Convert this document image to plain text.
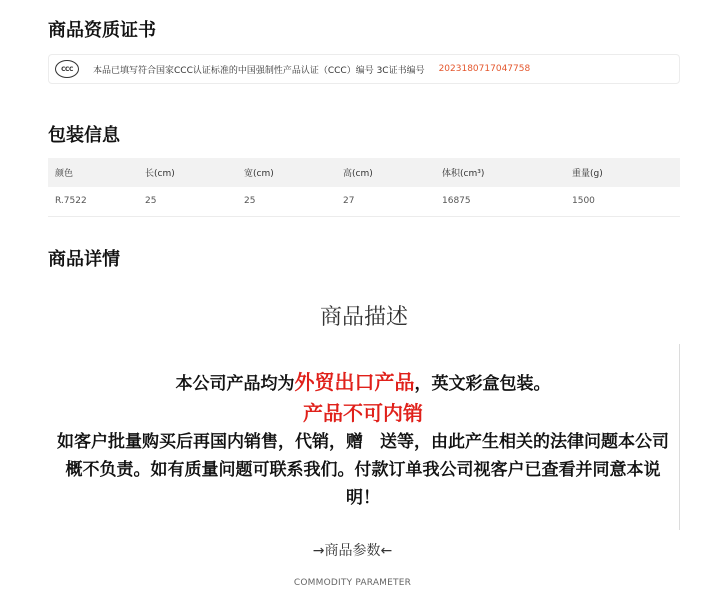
商品资质证书
CCC	本品已填写符合国家CCC认证标准的中国强制性产品认证（CCC）编号 3C证书编号 2023180717047758
包装信息
颜色	长(cm)	宽(cm)	高(cm)	体积(cm³)	重量(g)
R.7522	25	25	27	16875	1500
商品详情
商品描述
本公司产品均为外贸出口产品，英文彩盒包装。
产品不可内销
如客户批量购买后再国内销售，代销，赠　送等，由此产生相关的法律问题本公司概不负责。如有质量问题可联系我们。付款订单我公司视客户已查看并同意本说明！
→商品参数←
COMMODITY PARAMETER
